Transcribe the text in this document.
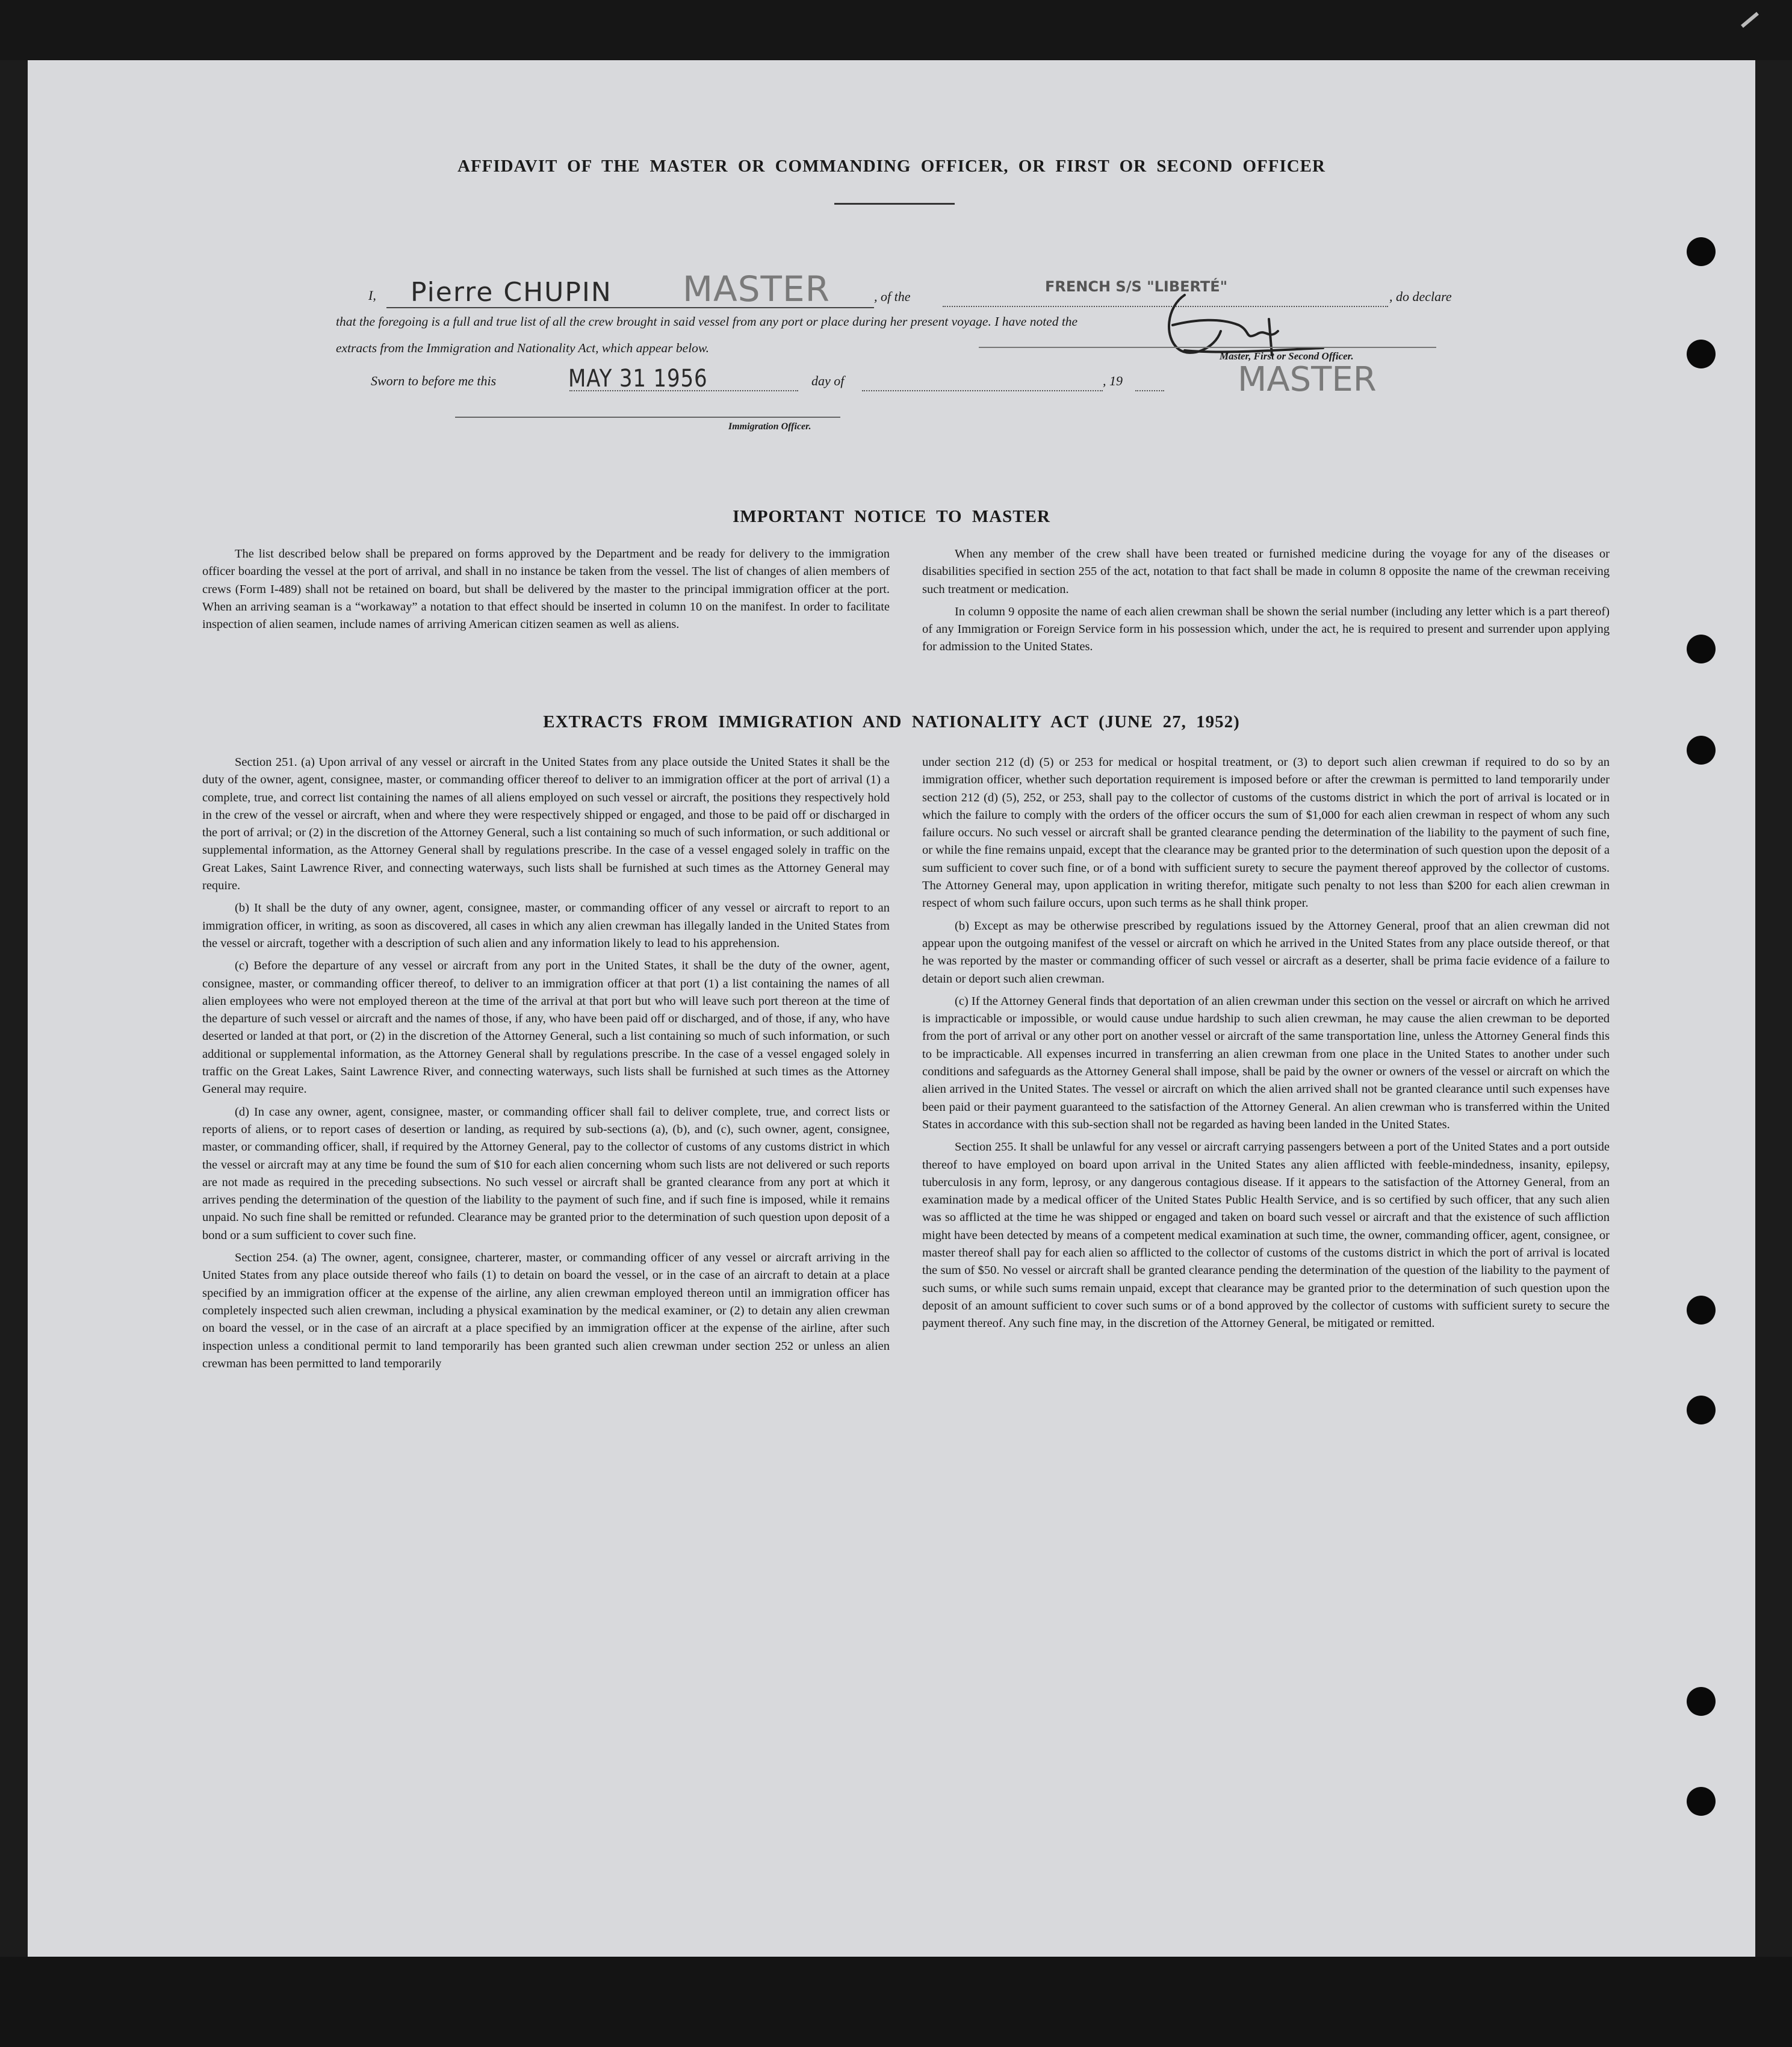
AFFIDAVIT OF THE MASTER OR COMMANDING OFFICER, OR FIRST OR SECOND OFFICER
I, Pierre CHUPIN MASTER	, of the
FRENCH S/S "LIBERTÉ"
, do declare
that the foregoing is a full and true list of all the crew brought in said vessel from any port or place during her present voyage. I have noted the
extracts from the Immigration and Nationality Act, which appear below.
Master, First or Second Officer.
MASTER
Sworn to before me this	MAY 31 1956	day of	, 19
Immigration Officer.
IMPORTANT NOTICE TO MASTER

The list described below shall be prepared on forms approved by the Department and be ready for delivery to the immigration officer boarding the vessel at the port of arrival, and shall in no instance be taken from the vessel. The list of changes of alien members of crews (Form I-489) shall not be retained on board, but shall be delivered by the master to the principal immigration officer at the port. When an arriving seaman is a “workaway” a notation to that effect should be inserted in column 10 on the manifest. In order to facilitate inspection of alien seamen, include names of arriving American citizen seamen as well as aliens.

When any member of the crew shall have been treated or furnished medicine during the voyage for any of the diseases or disabilities specified in section 255 of the act, notation to that fact shall be made in column 8 opposite the name of the crewman receiving such treatment or medication.

In column 9 opposite the name of each alien crewman shall be shown the serial number (including any letter which is a part thereof) of any Immigration or Foreign Service form in his possession which, under the act, he is required to present and surrender upon applying for admission to the United States.

EXTRACTS FROM IMMIGRATION AND NATIONALITY ACT (JUNE 27, 1952)

Section 251. (a) Upon arrival of any vessel or aircraft in the United States from any place outside the United States it shall be the duty of the owner, agent, consignee, master, or commanding officer thereof to deliver to an immigration officer at the port of arrival (1) a complete, true, and correct list containing the names of all aliens employed on such vessel or aircraft, the positions they respectively hold in the crew of the vessel or aircraft, when and where they were respectively shipped or engaged, and those to be paid off or discharged in the port of arrival; or (2) in the discretion of the Attorney General, such a list containing so much of such information, or such additional or supplemental information, as the Attorney General shall by regulations prescribe. In the case of a vessel engaged solely in traffic on the Great Lakes, Saint Lawrence River, and connecting waterways, such lists shall be furnished at such times as the Attorney General may require.

(b) It shall be the duty of any owner, agent, consignee, master, or commanding officer of any vessel or aircraft to report to an immigration officer, in writing, as soon as discovered, all cases in which any alien crewman has illegally landed in the United States from the vessel or aircraft, together with a description of such alien and any information likely to lead to his apprehension.

(c) Before the departure of any vessel or aircraft from any port in the United States, it shall be the duty of the owner, agent, consignee, master, or commanding officer thereof, to deliver to an immigration officer at that port (1) a list containing the names of all alien employees who were not employed thereon at the time of the arrival at that port but who will leave such port thereon at the time of the departure of such vessel or aircraft and the names of those, if any, who have been paid off or discharged, and of those, if any, who have deserted or landed at that port, or (2) in the discretion of the Attorney General, such a list containing so much of such information, or such additional or supplemental information, as the Attorney General shall by regulations prescribe. In the case of a vessel engaged solely in traffic on the Great Lakes, Saint Lawrence River, and connecting waterways, such lists shall be furnished at such times as the Attorney General may require.

(d) In case any owner, agent, consignee, master, or commanding officer shall fail to deliver complete, true, and correct lists or reports of aliens, or to report cases of desertion or landing, as required by sub-sections (a), (b), and (c), such owner, agent, consignee, master, or commanding officer, shall, if required by the Attorney General, pay to the collector of customs of any customs district in which the vessel or aircraft may at any time be found the sum of $10 for each alien concerning whom such lists are not delivered or such reports are not made as required in the preceding subsections. No such vessel or aircraft shall be granted clearance from any port at which it arrives pending the determination of the question of the liability to the payment of such fine, and if such fine is imposed, while it remains unpaid. No such fine shall be remitted or refunded. Clearance may be granted prior to the determination of such question upon deposit of a bond or a sum sufficient to cover such fine.

Section 254. (a) The owner, agent, consignee, charterer, master, or commanding officer of any vessel or aircraft arriving in the United States from any place outside thereof who fails (1) to detain on board the vessel, or in the case of an aircraft to detain at a place specified by an immigration officer at the expense of the airline, any alien crewman employed thereon until an immigration officer has completely inspected such alien crewman, including a physical examination by the medical examiner, or (2) to detain any alien crewman on board the vessel, or in the case of an aircraft at a place specified by an immigration officer at the expense of the airline, after such inspection unless a conditional permit to land temporarily has been granted such alien crewman under section 252 or unless an alien crewman has been permitted to land temporarily

under section 212 (d) (5) or 253 for medical or hospital treatment, or (3) to deport such alien crewman if required to do so by an immigration officer, whether such deportation requirement is imposed before or after the crewman is permitted to land temporarily under section 212 (d) (5), 252, or 253, shall pay to the collector of customs of the customs district in which the port of arrival is located or in which the failure to comply with the orders of the officer occurs the sum of $1,000 for each alien crewman in respect of whom any such failure occurs. No such vessel or aircraft shall be granted clearance pending the determination of the liability to the payment of such fine, or while the fine remains unpaid, except that the clearance may be granted prior to the determination of such question upon the deposit of a sum sufficient to cover such fine, or of a bond with sufficient surety to secure the payment thereof approved by the collector of customs. The Attorney General may, upon application in writing therefor, mitigate such penalty to not less than $200 for each alien crewman in respect of whom such failure occurs, upon such terms as he shall think proper.

(b) Except as may be otherwise prescribed by regulations issued by the Attorney General, proof that an alien crewman did not appear upon the outgoing manifest of the vessel or aircraft on which he arrived in the United States from any place outside thereof, or that he was reported by the master or commanding officer of such vessel or aircraft as a deserter, shall be prima facie evidence of a failure to detain or deport such alien crewman.

(c) If the Attorney General finds that deportation of an alien crewman under this section on the vessel or aircraft on which he arrived is impracticable or impossible, or would cause undue hardship to such alien crewman, he may cause the alien crewman to be deported from the port of arrival or any other port on another vessel or aircraft of the same transportation line, unless the Attorney General finds this to be impracticable. All expenses incurred in transferring an alien crewman from one place in the United States to another under such conditions and safeguards as the Attorney General shall impose, shall be paid by the owner or owners of the vessel or aircraft on which the alien arrived in the United States. The vessel or aircraft on which the alien arrived shall not be granted clearance until such expenses have been paid or their payment guaranteed to the satisfaction of the Attorney General. An alien crewman who is transferred within the United States in accordance with this sub-section shall not be regarded as having been landed in the United States.

Section 255. It shall be unlawful for any vessel or aircraft carrying passengers between a port of the United States and a port outside thereof to have employed on board upon arrival in the United States any alien afflicted with feeble-mindedness, insanity, epilepsy, tuberculosis in any form, leprosy, or any dangerous contagious disease. If it appears to the satisfaction of the Attorney General, from an examination made by a medical officer of the United States Public Health Service, and is so certified by such officer, that any such alien was so afflicted at the time he was shipped or engaged and taken on board such vessel or aircraft and that the existence of such affliction might have been detected by means of a competent medical examination at such time, the owner, commanding officer, agent, consignee, or master thereof shall pay for each alien so afflicted to the collector of customs of the customs district in which the port of arrival is located the sum of $50. No vessel or aircraft shall be granted clearance pending the determination of the question of the liability to the payment of such sums, or while such sums remain unpaid, except that clearance may be granted prior to the determination of such question upon the deposit of an amount sufficient to cover such sums or of a bond approved by the collector of customs with sufficient surety to secure the payment thereof. Any such fine may, in the discretion of the Attorney General, be mitigated or remitted.
